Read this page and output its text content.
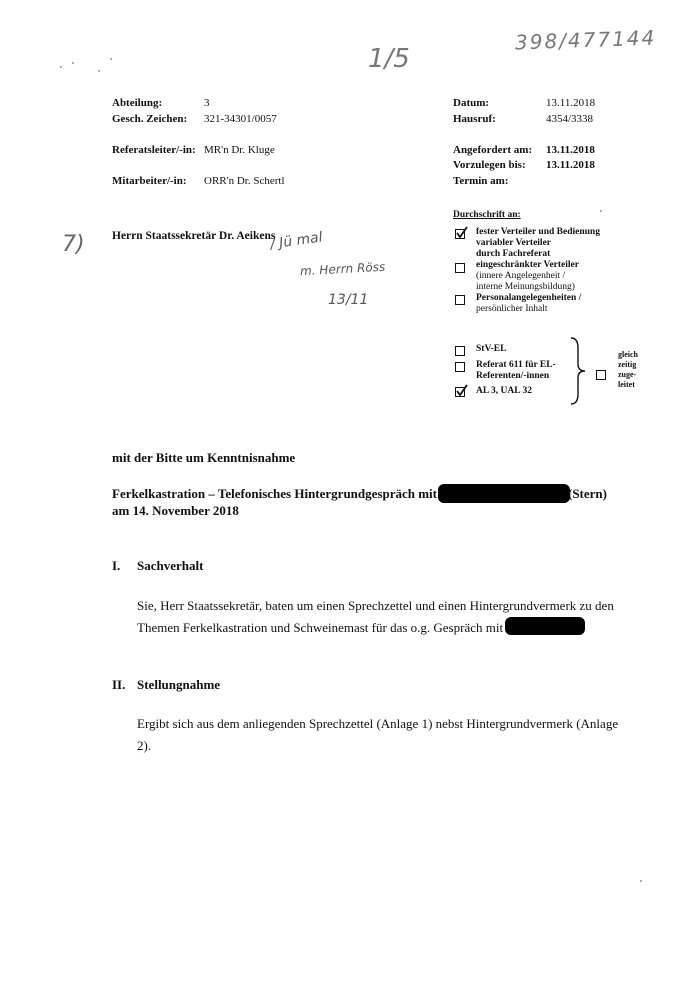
398/477144
1/5
7)	/ Jü mal
m. Herrn Röss
13/11
Abteilung:	3
Gesch. Zeichen: 321-34301/0057
Referatsleiter/-in: MR'n Dr. Kluge
Mitarbeiter/-in: ORR'n Dr. Schertl
Datum:	13.11.2018
Hausruf:	4354/3338
Angefordert am: 13.11.2018
Vorzulegen bis: 13.11.2018
Termin am:
Herrn Staatssekretär Dr. Aeikens
Durchschrift an:
fester Verteiler und Bedienung
variabler Verteiler
durch Fachreferat
eingeschränkter Verteiler
(innere Angelegenheit /
interne Meinungsbildung)
Personalangelegenheiten /
persönlicher Inhalt
StV-EL
Referat 611 für EL-
Referenten/-innen
AL 3, UAL 32
gleich
zeitig
zuge-
leitet
mit der Bitte um Kenntnisnahme
Ferkelkastration – Telefonisches Hintergrundgespräch mit	(Stern)
am 14. November 2018
I. Sachverhalt
Sie, Herr Staatssekretär, baten um einen Sprechzettel und einen Hintergrundvermerk zu den
Themen Ferkelkastration und Schweinemast für das o.g. Gespräch mit
II. Stellungnahme
Ergibt sich aus dem anliegenden Sprechzettel (Anlage 1) nebst Hintergrundvermerk (Anlage
2).
